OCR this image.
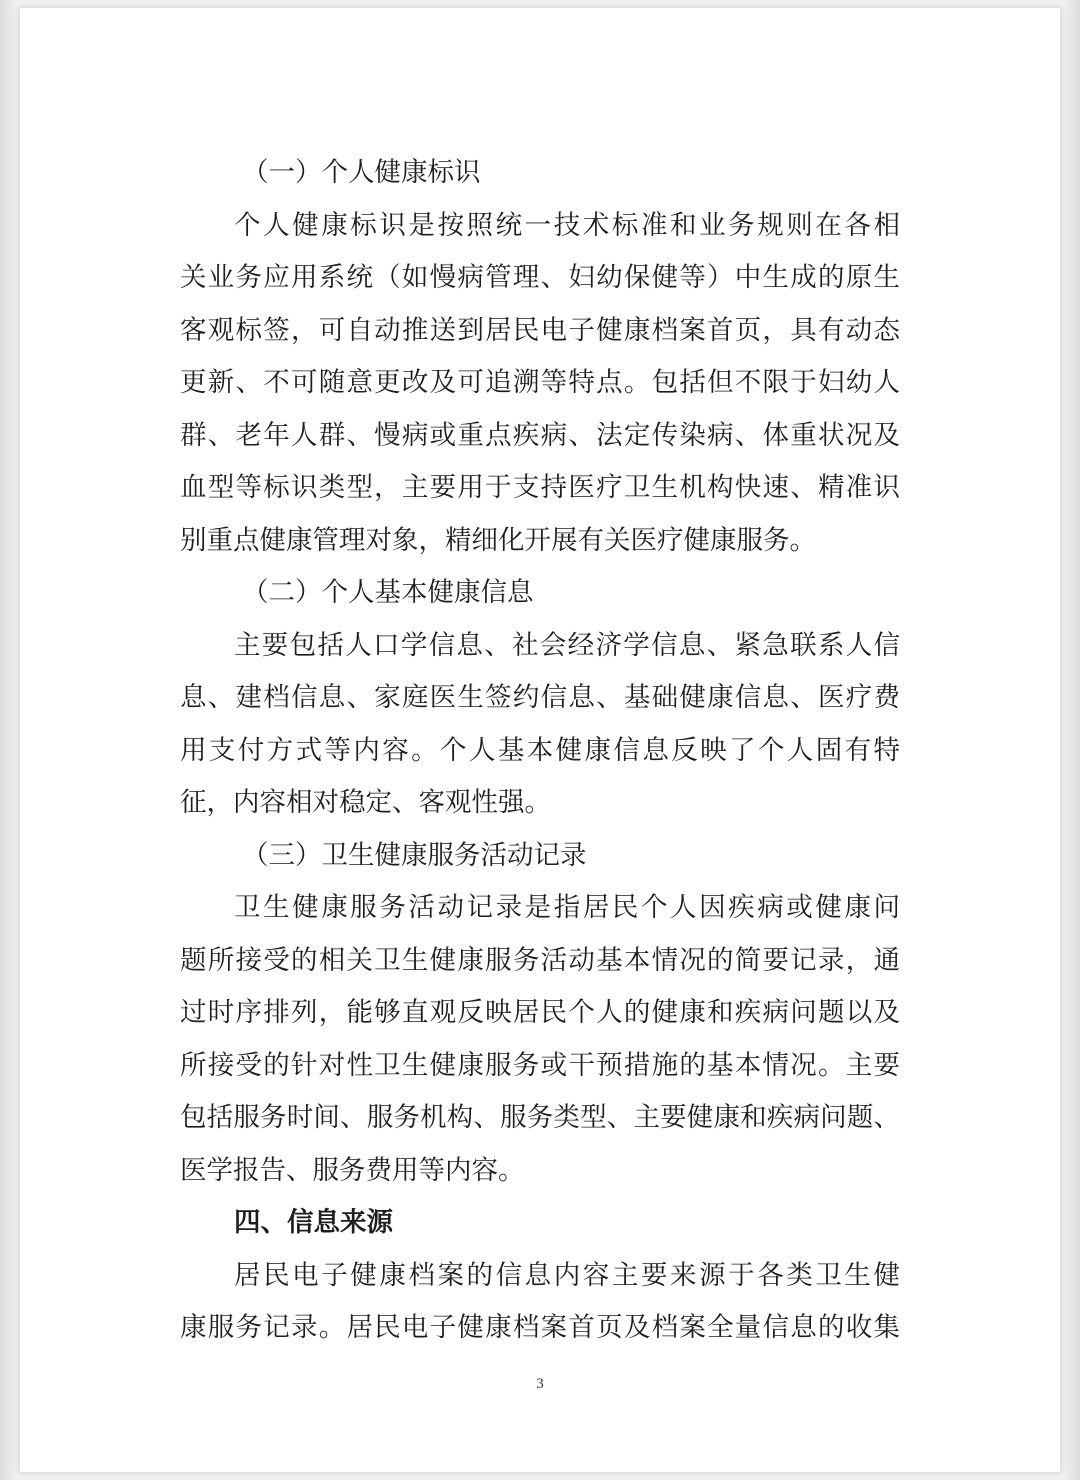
（一）个人健康标识
个人健康标识是按照统一技术标准和业务规则在各相
关业务应用系统（如慢病管理、妇幼保健等）中生成的原生
客观标签，可自动推送到居民电子健康档案首页，具有动态
更新、不可随意更改及可追溯等特点。包括但不限于妇幼人
群、老年人群、慢病或重点疾病、法定传染病、体重状况及
血型等标识类型，主要用于支持医疗卫生机构快速、精准识
别重点健康管理对象，精细化开展有关医疗健康服务。
（二）个人基本健康信息
主要包括人口学信息、社会经济学信息、紧急联系人信
息、建档信息、家庭医生签约信息、基础健康信息、医疗费
用支付方式等内容。个人基本健康信息反映了个人固有特
征，内容相对稳定、客观性强。
（三）卫生健康服务活动记录
卫生健康服务活动记录是指居民个人因疾病或健康问
题所接受的相关卫生健康服务活动基本情况的简要记录，通
过时序排列，能够直观反映居民个人的健康和疾病问题以及
所接受的针对性卫生健康服务或干预措施的基本情况。主要
包括服务时间、服务机构、服务类型、主要健康和疾病问题、
医学报告、服务费用等内容。
四、信息来源
居民电子健康档案的信息内容主要来源于各类卫生健
康服务记录。居民电子健康档案首页及档案全量信息的收集
3
